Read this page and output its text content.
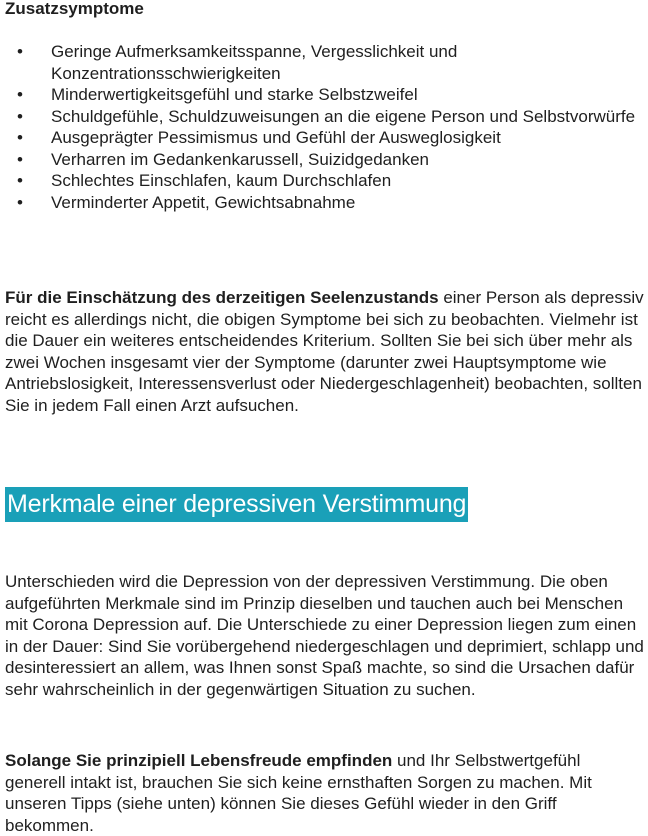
Zusatzsymptome
• Geringe Aufmerksamkeitsspanne, Vergesslichkeit und Konzentrationsschwierigkeiten
• Minderwertigkeitsgefühl und starke Selbstzweifel
• Schuldgefühle, Schuldzuweisungen an die eigene Person und Selbstvorwürfe
• Ausgeprägter Pessimismus und Gefühl der Ausweglosigkeit
• Verharren im Gedankenkarussell, Suizidgedanken
• Schlechtes Einschlafen, kaum Durchschlafen
• Verminderter Appetit, Gewichtsabnahme

Für die Einschätzung des derzeitigen Seelenzustands einer Person als depressiv reicht es allerdings nicht, die obigen Symptome bei sich zu beobachten. Vielmehr ist die Dauer ein weiteres entscheidendes Kriterium. Sollten Sie bei sich über mehr als zwei Wochen insgesamt vier der Symptome (darunter zwei Hauptsymptome wie Antriebslosigkeit, Interessensverlust oder Niedergeschlagenheit) beobachten, sollten Sie in jedem Fall einen Arzt aufsuchen.

Merkmale einer depressiven Verstimmung

Unterschieden wird die Depression von der depressiven Verstimmung. Die oben aufgeführten Merkmale sind im Prinzip dieselben und tauchen auch bei Menschen mit Corona Depression auf. Die Unterschiede zu einer Depression liegen zum einen in der Dauer: Sind Sie vorübergehend niedergeschlagen und deprimiert, schlapp und desinteressiert an allem, was Ihnen sonst Spaß machte, so sind die Ursachen dafür sehr wahrscheinlich in der gegenwärtigen Situation zu suchen.

Solange Sie prinzipiell Lebensfreude empfinden und Ihr Selbstwertgefühl generell intakt ist, brauchen Sie sich keine ernsthaften Sorgen zu machen. Mit unseren Tipps (siehe unten) können Sie dieses Gefühl wieder in den Griff bekommen.
